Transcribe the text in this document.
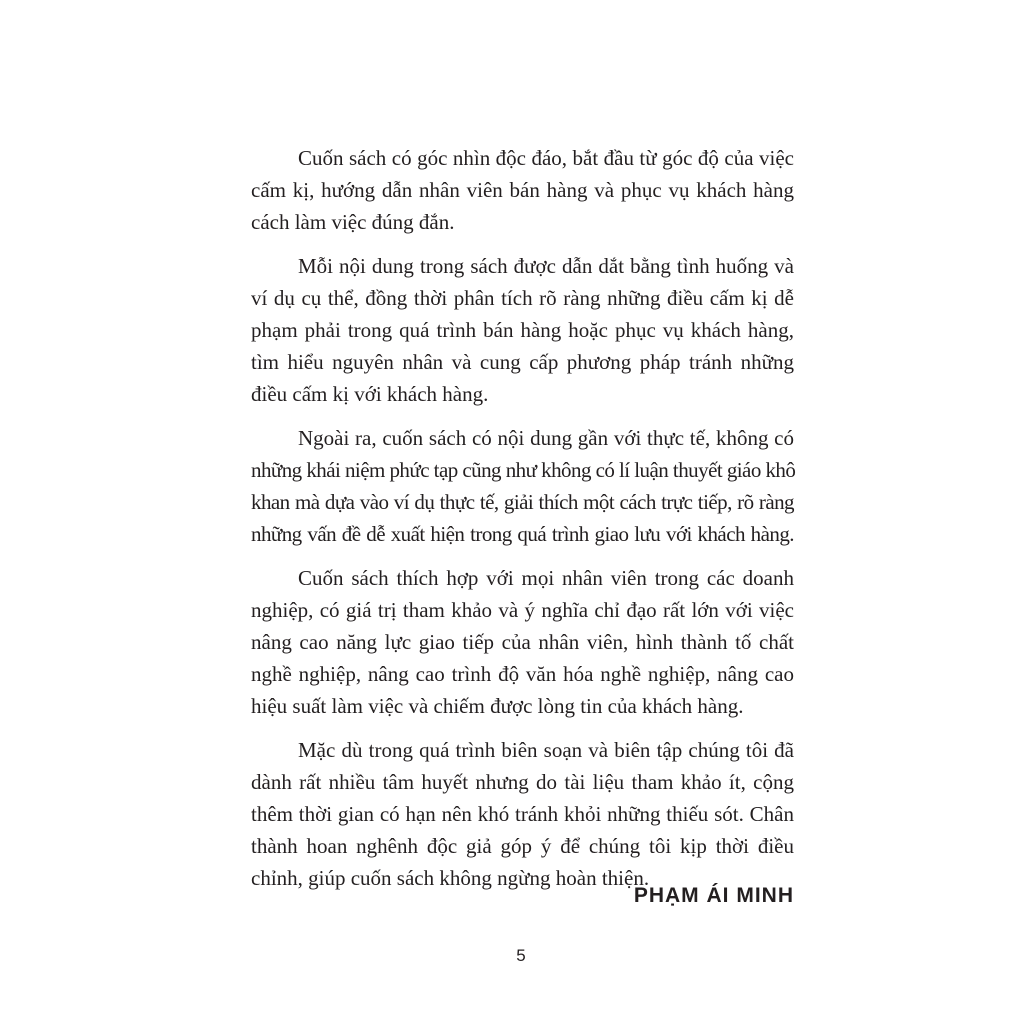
Cuốn sách có góc nhìn độc đáo, bắt đầu từ góc độ của việc
cấm kị, hướng dẫn nhân viên bán hàng và phục vụ khách hàng
cách làm việc đúng đắn.
Mỗi nội dung trong sách được dẫn dắt bằng tình huống và
ví dụ cụ thể, đồng thời phân tích rõ ràng những điều cấm kị dễ
phạm phải trong quá trình bán hàng hoặc phục vụ khách hàng,
tìm hiểu nguyên nhân và cung cấp phương pháp tránh những
điều cấm kị với khách hàng.
Ngoài ra, cuốn sách có nội dung gần với thực tế, không có
những khái niệm phức tạp cũng như không có lí luận thuyết giáo khô
khan mà dựa vào ví dụ thực tế, giải thích một cách trực tiếp, rõ ràng
những vấn đề dễ xuất hiện trong quá trình giao lưu với khách hàng.
Cuốn sách thích hợp với mọi nhân viên trong các doanh
nghiệp, có giá trị tham khảo và ý nghĩa chỉ đạo rất lớn với việc
nâng cao năng lực giao tiếp của nhân viên, hình thành tố chất
nghề nghiệp, nâng cao trình độ văn hóa nghề nghiệp, nâng cao
hiệu suất làm việc và chiếm được lòng tin của khách hàng.
Mặc dù trong quá trình biên soạn và biên tập chúng tôi đã
dành rất nhiều tâm huyết nhưng do tài liệu tham khảo ít, cộng
thêm thời gian có hạn nên khó tránh khỏi những thiếu sót. Chân
thành hoan nghênh độc giả góp ý để chúng tôi kịp thời điều
chỉnh, giúp cuốn sách không ngừng hoàn thiện.
PHẠM ÁI MINH
5
